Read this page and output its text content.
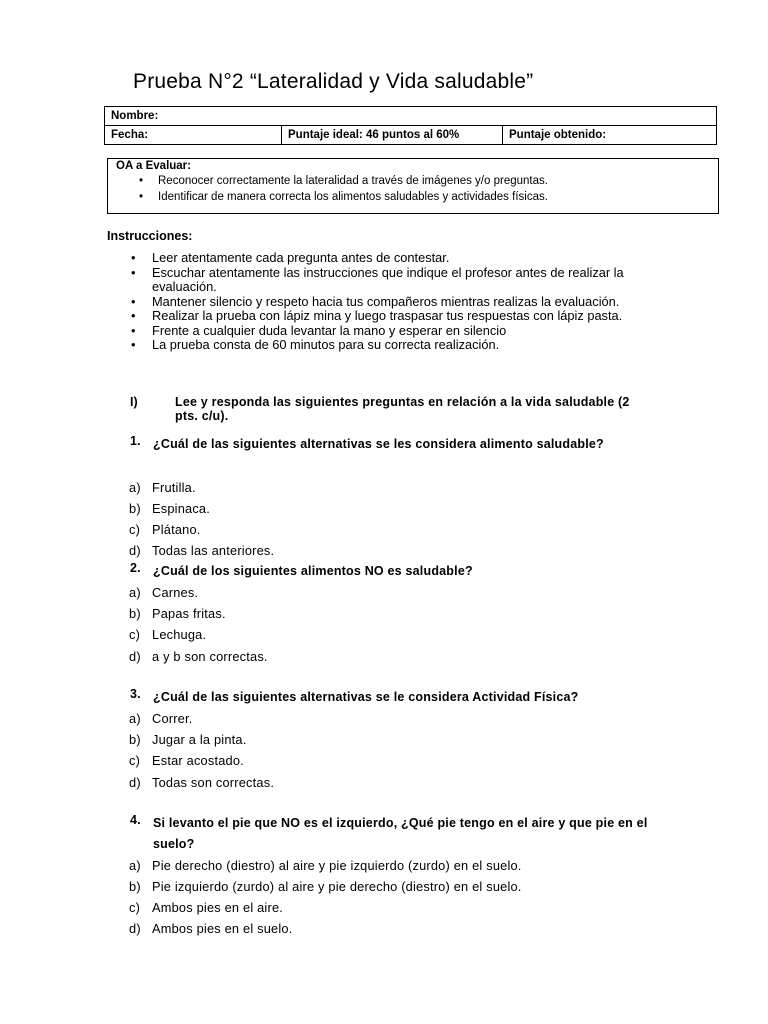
Prueba N°2 “Lateralidad y Vida saludable”
Nombre:
Fecha:	Puntaje ideal: 46 puntos al 60%	Puntaje obtenido:
OA a Evaluar:
• Reconocer correctamente la lateralidad a través de imágenes y/o preguntas.
• Identificar de manera correcta los alimentos saludables y actividades físicas.
Instrucciones:
• Leer atentamente cada pregunta antes de contestar.
• Escuchar atentamente las instrucciones que indique el profesor antes de realizar la evaluación.
• Mantener silencio y respeto hacia tus compañeros mientras realizas la evaluación.
• Realizar la prueba con lápiz mina y luego traspasar tus respuestas con lápiz pasta.
• Frente a cualquier duda levantar la mano y esperar en silencio
• La prueba consta de 60 minutos para su correcta realización.
I)	Lee y responda las siguientes preguntas en relación a la vida saludable (2 pts. c/u).
1. ¿Cuál de las siguientes alternativas se les considera alimento saludable?
a) Frutilla.
b) Espinaca.
c) Plátano.
d) Todas las anteriores.
2. ¿Cuál de los siguientes alimentos NO es saludable?
a) Carnes.
b) Papas fritas.
c) Lechuga.
d) a y b son correctas.
3. ¿Cuál de las siguientes alternativas se le considera Actividad Física?
a) Correr.
b) Jugar a la pinta.
c) Estar acostado.
d) Todas son correctas.
4. Si levanto el pie que NO es el izquierdo, ¿Qué pie tengo en el aire y que pie en el suelo?
a) Pie derecho (diestro) al aire y pie izquierdo (zurdo) en el suelo.
b) Pie izquierdo (zurdo) al aire y pie derecho (diestro) en el suelo.
c) Ambos pies en el aire.
d) Ambos pies en el suelo.
